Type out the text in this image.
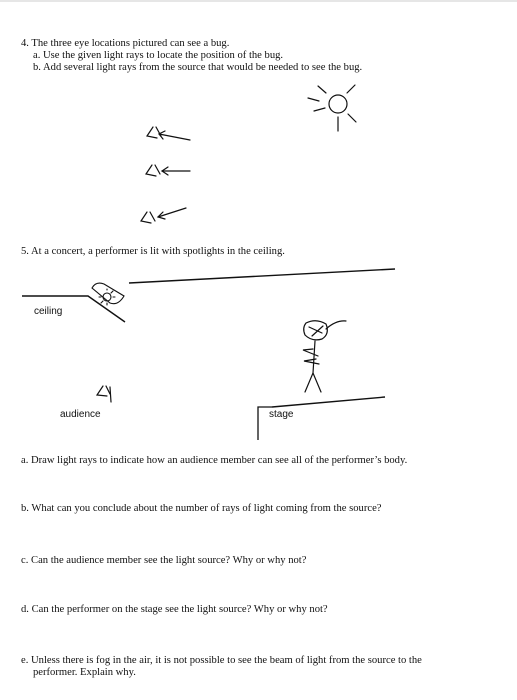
4. The three eye locations pictured can see a bug.
a. Use the given light rays to locate the position of the bug.
b. Add several light rays from the source that would be needed to see the bug.
5. At a concert, a performer is lit with spotlights in the ceiling.
ceiling
audience	stage
a. Draw light rays to indicate how an audience member can see all of the performer’s body.
b. What can you conclude about the number of rays of light coming from the source?
c. Can the audience member see the light source? Why or why not?
d. Can the performer on the stage see the light source? Why or why not?
e. Unless there is fog in the air, it is not possible to see the beam of light from the source to the
performer. Explain why.
